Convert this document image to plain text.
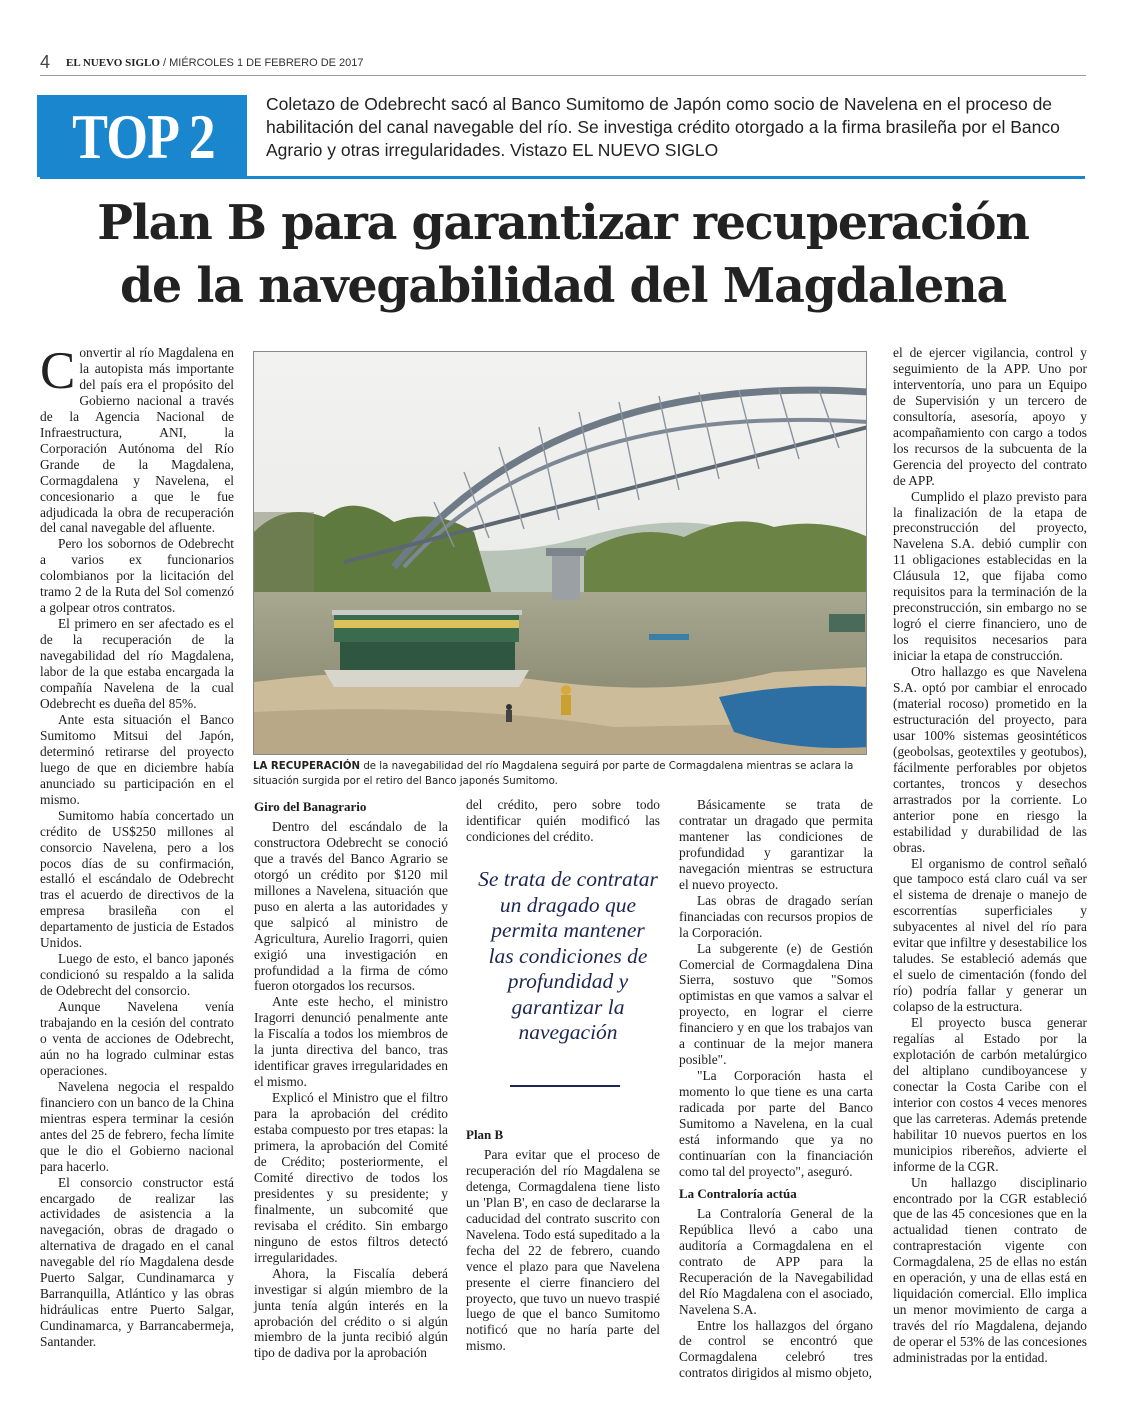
4 EL NUEVO SIGLO / MIÉRCOLES 1 DE FEBRERO DE 2017
TOP 2	Coletazo de Odebrecht sacó al Banco Sumitomo de Japón como socio de Navelena en el proceso de habilitación del canal navegable del río. Se investiga crédito otorgado a la firma brasileña por el Banco Agrario y otras irregularidades. Vistazo EL NUEVO SIGLO
Plan B para garantizar recuperación
de la navegabilidad del Magdalena

Convertir al río Magdalena en la autopista más importante del país era el propósito del Gobierno nacional a través de la Agencia Nacional de Infraestructura, ANI, la Corporación Autónoma del Río Grande de la Magdalena, Cormagdalena y Navelena, el concesionario a que le fue adjudicada la obra de recuperación del canal navegable del afluente.

Pero los sobornos de Odebrecht a varios ex funcionarios colombianos por la licitación del tramo 2 de la Ruta del Sol comenzó a golpear otros contratos.

El primero en ser afectado es el de la recuperación de la navegabilidad del río Magdalena, labor de la que estaba encargada la compañía Navelena de la cual Odebrecht es dueña del 85%.

Ante esta situación el Banco Sumitomo Mitsui del Japón, determinó retirarse del proyecto luego de que en diciembre había anunciado su participación en el mismo.

Sumitomo había concertado un crédito de US$250 millones al consorcio Navelena, pero a los pocos días de su confirmación, estalló el escándalo de Odebrecht tras el acuerdo de directivos de la empresa brasileña con el departamento de justicia de Estados Unidos.

Luego de esto, el banco japonés condicionó su respaldo a la salida de Odebrecht del consorcio.

Aunque Navelena venía trabajando en la cesión del contrato o venta de acciones de Odebrecht, aún no ha logrado culminar estas operaciones.

Navelena negocia el respaldo financiero con un banco de la China mientras espera terminar la cesión antes del 25 de febrero, fecha límite que le dio el Gobierno nacional para hacerlo.

El consorcio constructor está encargado de realizar las actividades de asistencia a la navegación, obras de dragado o alternativa de dragado en el canal navegable del río Magdalena desde Puerto Salgar, Cundinamarca y Barranquilla, Atlántico y las obras hidráulicas entre Puerto Salgar, Cundinamarca, y Barrancabermeja, Santander.

LA RECUPERACIÓN de la navegabilidad del río Magdalena seguirá por parte de Cormagdalena mientras se aclara la situación surgida por el retiro del Banco japonés Sumitomo.

Giro del Banagrario

Dentro del escándalo de la constructora Odebrecht se conoció que a través del Banco Agrario se otorgó un crédito por $120 mil millones a Navelena, situación que puso en alerta a las autoridades y que salpicó al ministro de Agricultura, Aurelio Iragorri, quien exigió una investigación en profundidad a la firma de cómo fueron otorgados los recursos.

Ante este hecho, el ministro Iragorri denunció penalmente ante la Fiscalía a todos los miembros de la junta directiva del banco, tras identificar graves irregularidades en el mismo.

Explicó el Ministro que el filtro para la aprobación del crédito estaba compuesto por tres etapas: la primera, la aprobación del Comité de Crédito; posteriormente, el Comité directivo de todos los presidentes y su presidente; y finalmente, un subcomité que revisaba el crédito. Sin embargo ninguno de estos filtros detectó irregularidades.

Ahora, la Fiscalía deberá investigar si algún miembro de la junta tenía algún interés en la aprobación del crédito o si algún miembro de la junta recibió algún tipo de dadiva por la aprobación

del crédito, pero sobre todo identificar quién modificó las condiciones del crédito.

Se trata de contratar un dragado que permita mantener las condiciones de profundidad y garantizar la navegación

Plan B

Para evitar que el proceso de recuperación del río Magdalena se detenga, Cormagdalena tiene listo un 'Plan B', en caso de declararse la caducidad del contrato suscrito con Navelena. Todo está supeditado a la fecha del 22 de febrero, cuando vence el plazo para que Navelena presente el cierre financiero del proyecto, que tuvo un nuevo traspié luego de que el banco Sumitomo notificó que no haría parte del mismo.

Básicamente se trata de contratar un dragado que permita mantener las condiciones de profundidad y garantizar la navegación mientras se estructura el nuevo proyecto.

Las obras de dragado serían financiadas con recursos propios de la Corporación.

La subgerente (e) de Gestión Comercial de Cormagdalena Dina Sierra, sostuvo que "Somos optimistas en que vamos a salvar el proyecto, en lograr el cierre financiero y en que los trabajos van a continuar de la mejor manera posible".

"La Corporación hasta el momento lo que tiene es una carta radicada por parte del Banco Sumitomo a Navelena, en la cual está informando que ya no continuarían con la financiación como tal del proyecto", aseguró.

La Contraloría actúa

La Contraloría General de la República llevó a cabo una auditoría a Cormagdalena en el contrato de APP para la Recuperación de la Navegabilidad del Río Magdalena con el asociado, Navelena S.A.

Entre los hallazgos del órgano de control se encontró que Cormagdalena celebró tres contratos dirigidos al mismo objeto,

el de ejercer vigilancia, control y seguimiento de la APP. Uno por interventoría, uno para un Equipo de Supervisión y un tercero de consultoría, asesoría, apoyo y acompañamiento con cargo a todos los recursos de la subcuenta de la Gerencia del proyecto del contrato de APP.

Cumplido el plazo previsto para la finalización de la etapa de preconstrucción del proyecto, Navelena S.A. debió cumplir con 11 obligaciones establecidas en la Cláusula 12, que fijaba como requisitos para la terminación de la preconstrucción, sin embargo no se logró el cierre financiero, uno de los requisitos necesarios para iniciar la etapa de construcción.

Otro hallazgo es que Navelena S.A. optó por cambiar el enrocado (material rocoso) prometido en la estructuración del proyecto, para usar 100% sistemas geosintéticos (geobolsas, geotextiles y geotubos), fácilmente perforables por objetos cortantes, troncos y desechos arrastrados por la corriente. Lo anterior pone en riesgo la estabilidad y durabilidad de las obras.

El organismo de control señaló que tampoco está claro cuál va ser el sistema de drenaje o manejo de escorrentías superficiales y subyacentes al nivel del río para evitar que infiltre y desestabilice los taludes. Se estableció además que el suelo de cimentación (fondo del río) podría fallar y generar un colapso de la estructura.

El proyecto busca generar regalías al Estado por la explotación de carbón metalúrgico del altiplano cundiboyancese y conectar la Costa Caribe con el interior con costos 4 veces menores que las carreteras. Además pretende habilitar 10 nuevos puertos en los municipios ribereños, advierte el informe de la CGR.

Un hallazgo disciplinario encontrado por la CGR estableció que de las 45 concesiones que en la actualidad tienen contrato de contraprestación vigente con Cormagdalena, 25 de ellas no están en operación, y una de ellas está en liquidación comercial. Ello implica un menor movimiento de carga a través del río Magdalena, dejando de operar el 53% de las concesiones administradas por la entidad.
